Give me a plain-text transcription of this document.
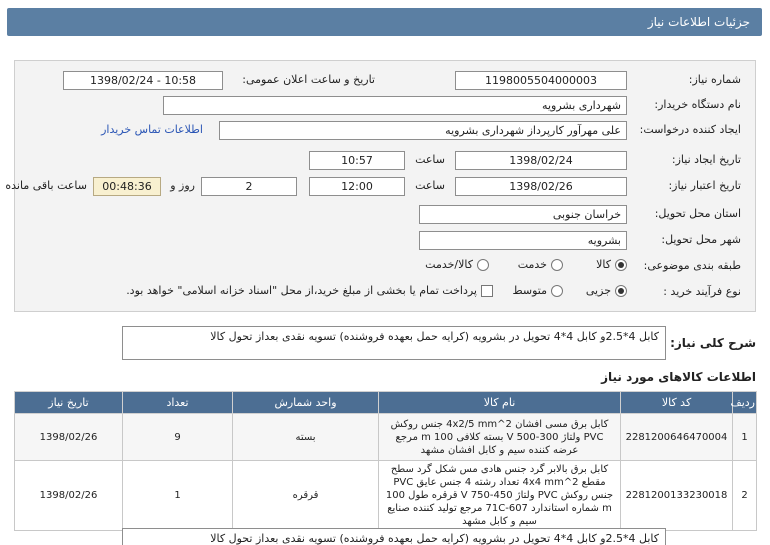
جزئیات اطلاعات نیاز
شماره نیاز:
1198005504000003
تاریخ و ساعت اعلان عمومی:
1398/02/24 - 10:58
نام دستگاه خریدار:
شهرداری بشرویه
ایجاد کننده درخواست:
علی مهرآور کارپرداز شهرداری بشرویه
اطلاعات تماس خریدار
تاریخ ایجاد نیاز:
1398/02/24
ساعت
10:57
تاریخ اعتبار نیاز:
1398/02/26
ساعت
12:00
2
روز و
00:48:36
ساعت باقی مانده
استان محل تحویل:
خراسان جنوبی
شهر محل تحویل:
بشرویه
طبقه بندی موضوعی:
کالا
خدمت
کالا/خدمت
نوع فرآیند خرید :
جزیی
متوسط
پرداخت تمام یا بخشی از مبلغ خرید،از محل "اسناد خزانه اسلامی" خواهد بود.
شرح کلی نیاز:
کابل 4*2.5و کابل 4*4 تحویل در بشرویه (کرایه حمل بعهده فروشنده) تسویه نقدی بعداز تحول کالا
اطلاعات کالاهای مورد نیاز
ردیف	کد کالا	نام کالا	واحد شمارش	تعداد	تاریخ نیاز
1	2281200646470004	کابل برق مسی افشان 4x2/5 mm^2 جنس روکش PVC ولتاژ 300-500 V بسته کلافی 100 m مرجع عرضه کننده سیم و کابل افشان مشهد	بسته	9	1398/02/26
2	2281200133230018	کابل برق بالابر گرد جنس هادی مس شکل گرد سطح مقطع 4x4 mm^2 تعداد رشته 4 جنس عایق PVC جنس روکش PVC ولتاژ 450-750 V قرقره طول 100 m شماره استاندارد 607-71C مرجع تولید کننده صنایع سیم و کابل مشهد	قرقره	1	1398/02/26
کابل 4*2.5و کابل 4*4 تحویل در بشرویه (کرایه حمل بعهده فروشنده) تسویه نقدی بعداز تحول کالا
